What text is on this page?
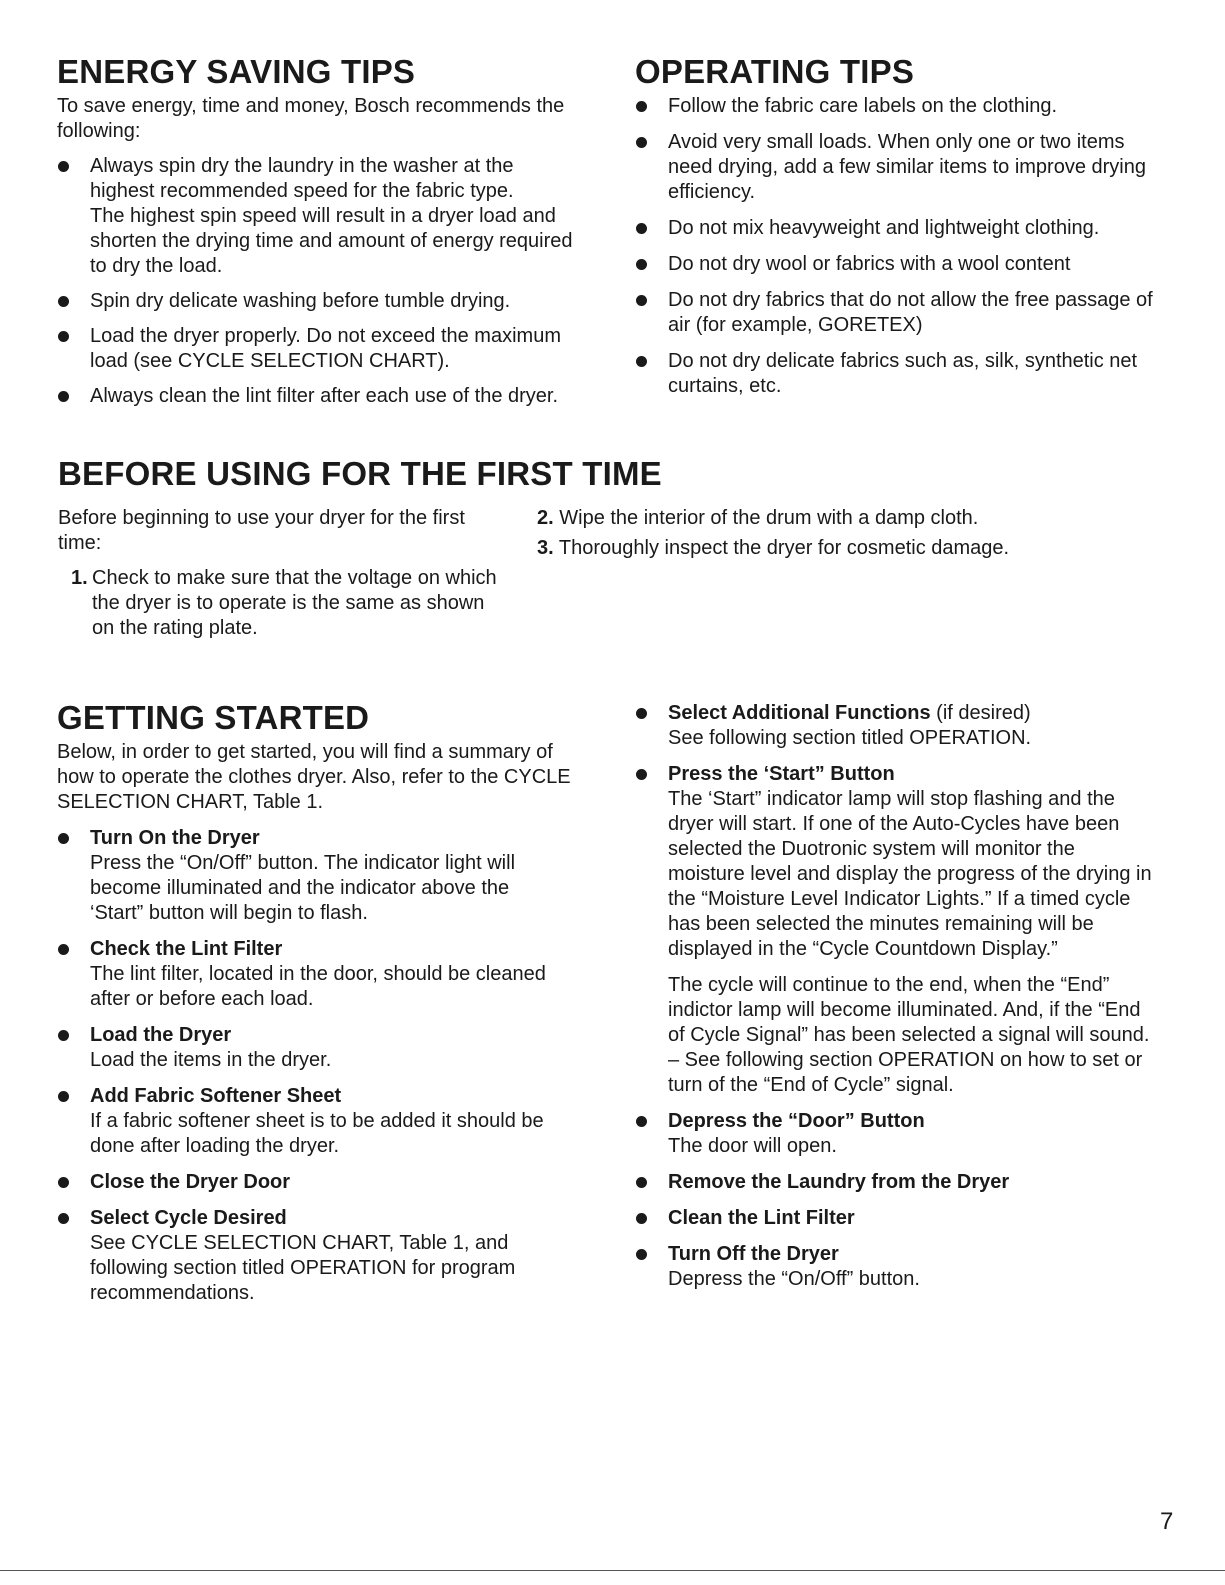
ENERGY SAVING TIPS

To save energy, time and money, Bosch recommends the following:

Always spin dry the laundry in the washer at the highest recommended speed for the fabric type.
The highest spin speed will result in a dryer load and shorten the drying time and amount of energy required to dry the load.
Spin dry delicate washing before tumble drying.
Load the dryer properly. Do not exceed the maximum load (see CYCLE SELECTION CHART).
Always clean the lint filter after each use of the dryer.
OPERATING TIPS
Follow the fabric care labels on the clothing.
Avoid very small loads. When only one or two items need drying, add a few similar items to improve drying efficiency.
Do not mix heavyweight and lightweight clothing.
Do not dry wool or fabrics with a wool content
Do not dry fabrics that do not allow the free passage of air (for example, GORETEX)
Do not dry delicate fabrics such as, silk, synthetic net curtains, etc.
BEFORE USING FOR THE FIRST TIME

Before beginning to use your dryer for the first time:

1. Check to make sure that the voltage on which the dryer is to operate is the same as shown on the rating plate.
2. Wipe the interior of the drum with a damp cloth.
3. Thoroughly inspect the dryer for cosmetic damage.
GETTING STARTED

Below, in order to get started, you will find a summary of how to operate the clothes dryer. Also, refer to the CYCLE SELECTION CHART, Table 1.

Turn On the Dryer
Press the “On/Off” button. The indicator light will become illuminated and the indicator above the ‘Start” button will begin to flash.
Check the Lint Filter
The lint filter, located in the door, should be cleaned after or before each load.
Load the Dryer
Load the items in the dryer.
Add Fabric Softener Sheet
If a fabric softener sheet is to be added it should be done after loading the dryer.
Close the Dryer Door
Select Cycle Desired
See CYCLE SELECTION CHART, Table 1, and following section titled OPERATION for program recommendations.
Select Additional Functions (if desired)
See following section titled OPERATION.
Press the ‘Start” Button
The ‘Start” indicator lamp will stop flashing and the dryer will start. If one of the Auto-Cycles have been selected the Duotronic system will monitor the moisture level and display the progress of the drying in the “Moisture Level Indicator Lights.” If a timed cycle has been selected the minutes remaining will be displayed in the “Cycle Countdown Display.”
The cycle will continue to the end, when the “End” indictor lamp will become illuminated. And, if the “End of Cycle Signal” has been selected a signal will sound. – See following section OPERATION on how to set or turn of the “End of Cycle” signal.
Depress the “Door” Button
The door will open.
Remove the Laundry from the Dryer
Clean the Lint Filter
Turn Off the Dryer
Depress the “On/Off” button.
7
